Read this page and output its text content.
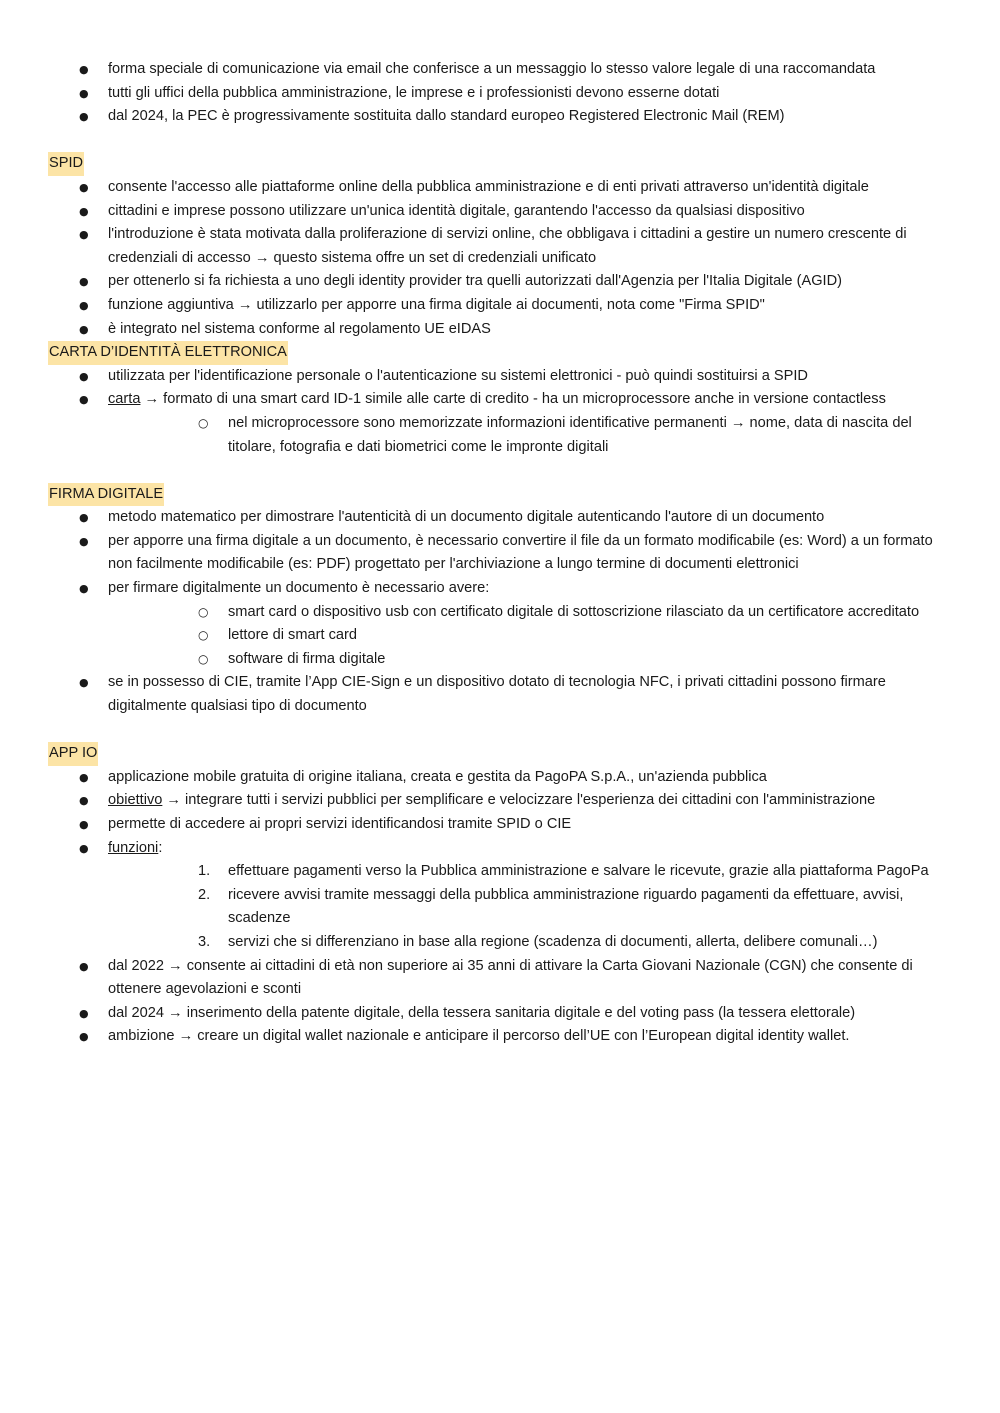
● forma speciale di comunicazione via email che conferisce a un messaggio lo stesso valore legale di una raccomandata
● tutti gli uffici della pubblica amministrazione, le imprese e i professionisti devono esserne dotati
● dal 2024, la PEC è progressivamente sostituita dallo standard europeo Registered Electronic Mail (REM)
SPID
● consente l'accesso alle piattaforme online della pubblica amministrazione e di enti privati attraverso un'identità digitale
● cittadini e imprese possono utilizzare un'unica identità digitale, garantendo l'accesso da qualsiasi dispositivo
● l'introduzione è stata motivata dalla proliferazione di servizi online, che obbligava i cittadini a gestire un numero crescente di credenziali di accesso → questo sistema offre un set di credenziali unificato
● per ottenerlo si fa richiesta a uno degli identity provider tra quelli autorizzati dall'Agenzia per l'Italia Digitale (AGID)
● funzione aggiuntiva → utilizzarlo per apporre una firma digitale ai documenti, nota come "Firma SPID"
● è integrato nel sistema conforme al regolamento UE eIDAS
CARTA D’IDENTITÀ ELETTRONICA
● utilizzata per l'identificazione personale o l'autenticazione su sistemi elettronici - può quindi sostituirsi a SPID
● carta → formato di una smart card ID-1 simile alle carte di credito - ha un microprocessore anche in versione contactless
○ nel microprocessore sono memorizzate informazioni identificative permanenti → nome, data di nascita del titolare, fotografia e dati biometrici come le impronte digitali
FIRMA DIGITALE
● metodo matematico per dimostrare l'autenticità di un documento digitale autenticando l'autore di un documento
● per apporre una firma digitale a un documento, è necessario convertire il file da un formato modificabile (es: Word) a un formato non facilmente modificabile (es: PDF) progettato per l'archiviazione a lungo termine di documenti elettronici
● per firmare digitalmente un documento è necessario avere:
○ smart card o dispositivo usb con certificato digitale di sottoscrizione rilasciato da un certificatore accreditato
○ lettore di smart card
○ software di firma digitale
● se in possesso di CIE, tramite l’App CIE-Sign e un dispositivo dotato di tecnologia NFC, i privati cittadini possono firmare digitalmente qualsiasi tipo di documento
APP IO
● applicazione mobile gratuita di origine italiana, creata e gestita da PagoPA S.p.A., un'azienda pubblica
● obiettivo → integrare tutti i servizi pubblici per semplificare e velocizzare l'esperienza dei cittadini con l'amministrazione
● permette di accedere ai propri servizi identificandosi tramite SPID o CIE
● funzioni:
1. effettuare pagamenti verso la Pubblica amministrazione e salvare le ricevute, grazie alla piattaforma PagoPa
2. ricevere avvisi tramite messaggi della pubblica amministrazione riguardo pagamenti da effettuare, avvisi, scadenze
3. servizi che si differenziano in base alla regione (scadenza di documenti, allerta, delibere comunali…)
● dal 2022 → consente ai cittadini di età non superiore ai 35 anni di attivare la Carta Giovani Nazionale (CGN) che consente di ottenere agevolazioni e sconti
● dal 2024 → inserimento della patente digitale, della tessera sanitaria digitale e del voting pass (la tessera elettorale)
● ambizione → creare un digital wallet nazionale e anticipare il percorso dell’UE con l’European digital identity wallet.
